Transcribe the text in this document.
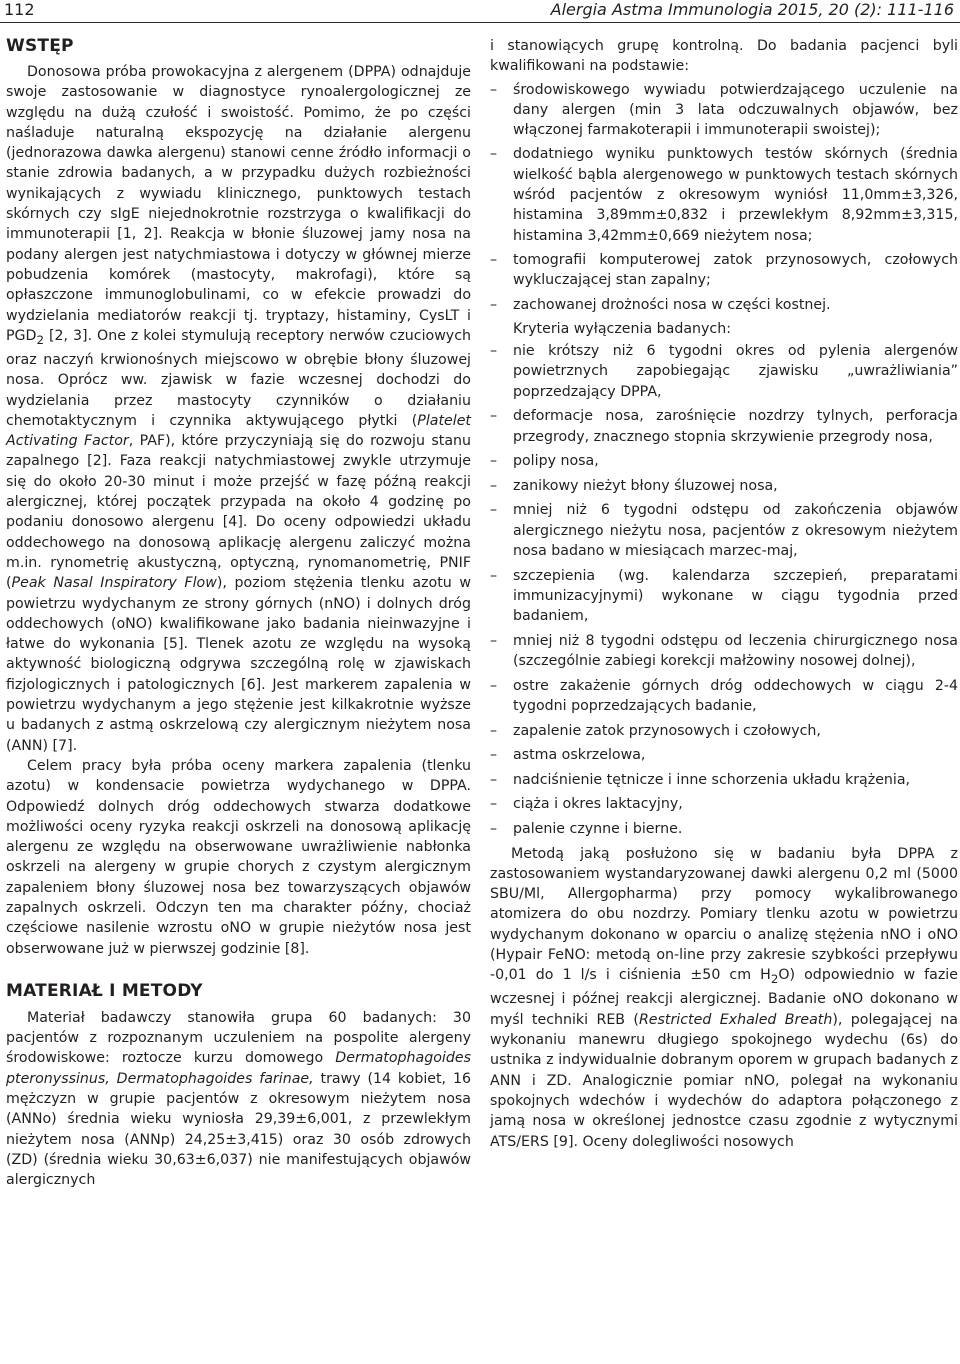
112	Alergia Astma Immunologia 2015, 20 (2): 111-116
WSTĘP

Donosowa próba prowokacyjna z alergenem (DPPA) odnajduje swoje zastosowanie w diagnostyce rynoalergologicznej ze względu na dużą czułość i swoistość. Pomimo, że po części naśladuje naturalną ekspozycję na działanie alergenu (jednorazowa dawka alergenu) stanowi cenne źródło informacji o stanie zdrowia badanych, a w przypadku dużych rozbieżności wynikających z wywiadu klinicznego, punktowych testach skórnych czy sIgE niejednokrotnie rozstrzyga o kwalifikacji do immunoterapii [1, 2]. Reakcja w błonie śluzowej jamy nosa na podany alergen jest natychmiastowa i dotyczy w głównej mierze pobudzenia komórek (mastocyty, makrofagi), które są opłaszczone immunoglobulinami, co w efekcie prowadzi do wydzielania mediatorów reakcji tj. tryptazy, histaminy, CysLT i $PGD_2$ [2, 3]. One z kolei stymulują receptory nerwów czuciowych oraz naczyń krwionośnych miejscowo w obrębie błony śluzowej nosa. Oprócz ww. zjawisk w fazie wczesnej dochodzi do wydzielania przez mastocyty czynników o działaniu chemotaktycznym i czynnika aktywującego płytki (Platelet Activating Factor, PAF), które przyczyniają się do rozwoju stanu zapalnego [2]. Faza reakcji natychmiastowej zwykle utrzymuje się do około 20-30 minut i może przejść w fazę późną reakcji alergicznej, której początek przypada na około 4 godzinę po podaniu donosowo alergenu [4]. Do oceny odpowiedzi układu oddechowego na donosową aplikację alergenu zaliczyć można m.in. rynometrię akustyczną, optyczną, rynomanometrię, PNIF (Peak Nasal Inspiratory Flow), poziom stężenia tlenku azotu w powietrzu wydychanym ze strony górnych (nNO) i dolnych dróg oddechowych (oNO) kwalifikowane jako badania nieinwazyjne i łatwe do wykonania [5]. Tlenek azotu ze względu na wysoką aktywność biologiczną odgrywa szczególną rolę w zjawiskach fizjologicznych i patologicznych [6]. Jest markerem zapalenia w powietrzu wydychanym a jego stężenie jest kilkakrotnie wyższe u badanych z astmą oskrzelową czy alergicznym nieżytem nosa (ANN) [7].

Celem pracy była próba oceny markera zapalenia (tlenku azotu) w kondensacie powietrza wydychanego w DPPA. Odpowiedź dolnych dróg oddechowych stwarza dodatkowe możliwości oceny ryzyka reakcji oskrzeli na donosową aplikację alergenu ze względu na obserwowane uwrażliwienie nabłonka oskrzeli na alergeny w grupie chorych z czystym alergicznym zapaleniem błony śluzowej nosa bez towarzyszących objawów zapalnych oskrzeli. Odczyn ten ma charakter późny, chociaż częściowe nasilenie wzrostu oNO w grupie nieżytów nosa jest obserwowane już w pierwszej godzinie [8].

MATERIAŁ I METODY

Materiał badawczy stanowiła grupa 60 badanych: 30 pacjentów z rozpoznanym uczuleniem na pospolite alergeny środowiskowe: roztocze kurzu domowego Dermatophagoides pteronyssinus, Dermatophagoides farinae, trawy (14 kobiet, 16 mężczyzn w grupie pacjentów z okresowym nieżytem nosa (ANNo) średnia wieku wyniosła 29,39±6,001, z przewlekłym nieżytem nosa (ANNp) 24,25±3,415) oraz 30 osób zdrowych (ZD) (średnia wieku 30,63±6,037) nie manifestujących objawów alergicznych

i stanowiących grupę kontrolną. Do badania pacjenci byli kwalifikowani na podstawie:

– środowiskowego wywiadu potwierdzającego uczulenie na dany alergen (min 3 lata odczuwalnych objawów, bez włączonej farmakoterapii i immunoterapii swoistej);
– dodatniego wyniku punktowych testów skórnych (średnia wielkość bąbla alergenowego w punktowych testach skórnych wśród pacjentów z okresowym wyniósł 11,0mm±3,326, histamina 3,89mm±0,832 i przewlekłym 8,92mm±3,315, histamina 3,42mm±0,669 nieżytem nosa;
– tomografii komputerowej zatok przynosowych, czołowych wykluczającej stan zapalny;
– zachowanej drożności nosa w części kostnej.

Kryteria wyłączenia badanych:

– nie krótszy niż 6 tygodni okres od pylenia alergenów powietrznych zapobiegając zjawisku „uwrażliwiania” poprzedzający DPPA,
– deformacje nosa, zarośnięcie nozdrzy tylnych, perforacja przegrody, znacznego stopnia skrzywienie przegrody nosa,
– polipy nosa,
– zanikowy nieżyt błony śluzowej nosa,
– mniej niż 6 tygodni odstępu od zakończenia objawów alergicznego nieżytu nosa, pacjentów z okresowym nieżytem nosa badano w miesiącach marzec-maj,
– szczepienia (wg. kalendarza szczepień, preparatami immunizacyjnymi) wykonane w ciągu tygodnia przed badaniem,
– mniej niż 8 tygodni odstępu od leczenia chirurgicznego nosa (szczególnie zabiegi korekcji małżowiny nosowej dolnej),
– ostre zakażenie górnych dróg oddechowych w ciągu 2-4 tygodni poprzedzających badanie,
– zapalenie zatok przynosowych i czołowych,
– astma oskrzelowa,
– nadciśnienie tętnicze i inne schorzenia układu krążenia,
– ciąża i okres laktacyjny,
– palenie czynne i bierne.

Metodą jaką posłużono się w badaniu była DPPA z zastosowaniem wystandaryzowanej dawki alergenu 0,2 ml (5000 SBU/Ml, Allergopharma) przy pomocy wykalibrowanego atomizera do obu nozdrzy. Pomiary tlenku azotu w powietrzu wydychanym dokonano w oparciu o analizę stężenia nNO i oNO (Hypair FeNO: metodą on-line przy zakresie szybkości przepływu -0,01 do 1 l/s i ciśnienia ±50 cm $H_2O$) odpowiednio w fazie wczesnej i późnej reakcji alergicznej. Badanie oNO dokonano w myśl techniki REB (Restricted Exhaled Breath), polegającej na wykonaniu manewru długiego spokojnego wydechu (6s) do ustnika z indywidualnie dobranym oporem w grupach badanych z ANN i ZD. Analogicznie pomiar nNO, polegał na wykonaniu spokojnych wdechów i wydechów do adaptora połączonego z jamą nosa w określonej jednostce czasu zgodnie z wytycznymi ATS/ERS [9]. Oceny dolegliwości nosowych
